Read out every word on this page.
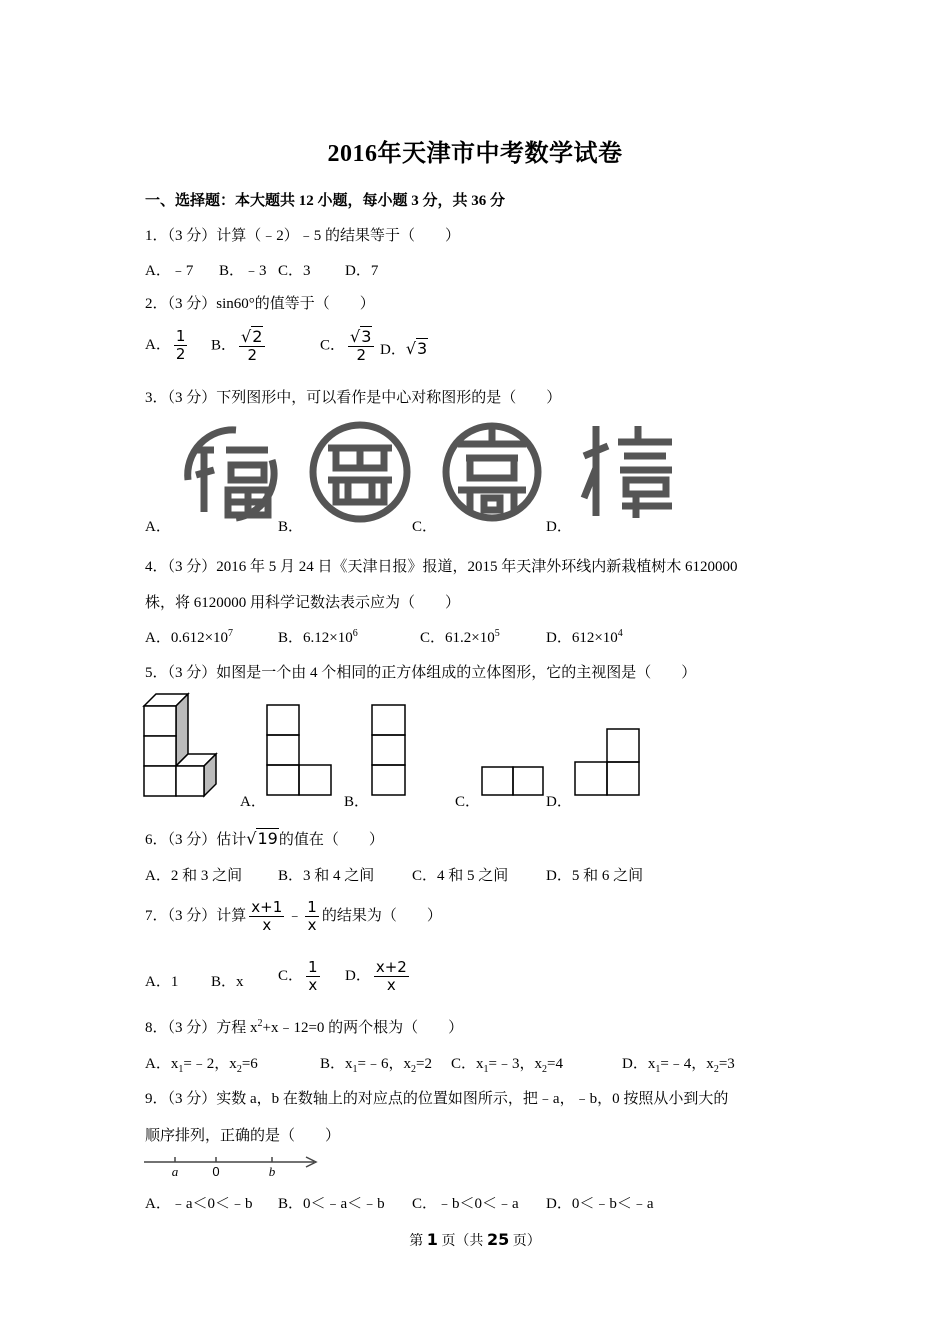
2016年天津市中考数学试卷
一、选择题：本大题共 12 小题，每小题 3 分，共 36 分
1．（3 分）计算（﹣2）﹣5 的结果等于（　　）
A．﹣7 B．﹣3 C．3 D．7
2．（3 分）sin60°的值等于（　　）
A． $\frac{1}{2}$ B． $\frac{√2}{2}$	C． $\frac{√3}{2}$ D．√3
3．（3 分）下列图形中，可以看作是中心对称图形的是（　　）
A．	B．	C．	D．
4．（3 分）2016 年 5 月 24 日《天津日报》报道，2015 年天津外环线内新栽植树木 6120000
株，将 6120000 用科学记数法表示应为（　　）
A．$0.612\times 10^7$	B．$6.12\times 10^6$	C．$61.2\times 10^5$	D．$612\times 10^4$
5．（3 分）如图是一个由 4 个相同的正方体组成的立体图形，它的主视图是（　　）
A．	B．	C．	D．
6．（3 分）估计√19的值在（　　）
A．2 和 3 之间 B．3 和 4 之间	C．4 和 5 之间	D．5 和 6 之间
7．（3 分）计算 $\frac{x+1}{x}$ ﹣ $\frac{1}{x}$ 的结果为（　　）
A．1 B．x C． $\frac{1}{x}$ D． $\frac{x+2}{x}$
8．（3 分）方程 $x^2+x﹣12=0$ 的两个根为（　　）
A．$x_1=﹣2$，$x_2=6$	B．$x_1=﹣6$，$x_2=2$ C．$x_1=﹣3$，$x_2=4$	D．$x_1=﹣4$，$x_2=3$
9．（3 分）实数 a，b 在数轴上的对应点的位置如图所示，把﹣a，﹣b，0 按照从小到大的
顺序排列，正确的是（　　）
a	0	b
A．﹣a＜0＜﹣b B．0＜﹣a＜﹣b C．﹣b＜0＜﹣a D．0＜﹣b＜﹣a
第 1 页（共 25 页）
